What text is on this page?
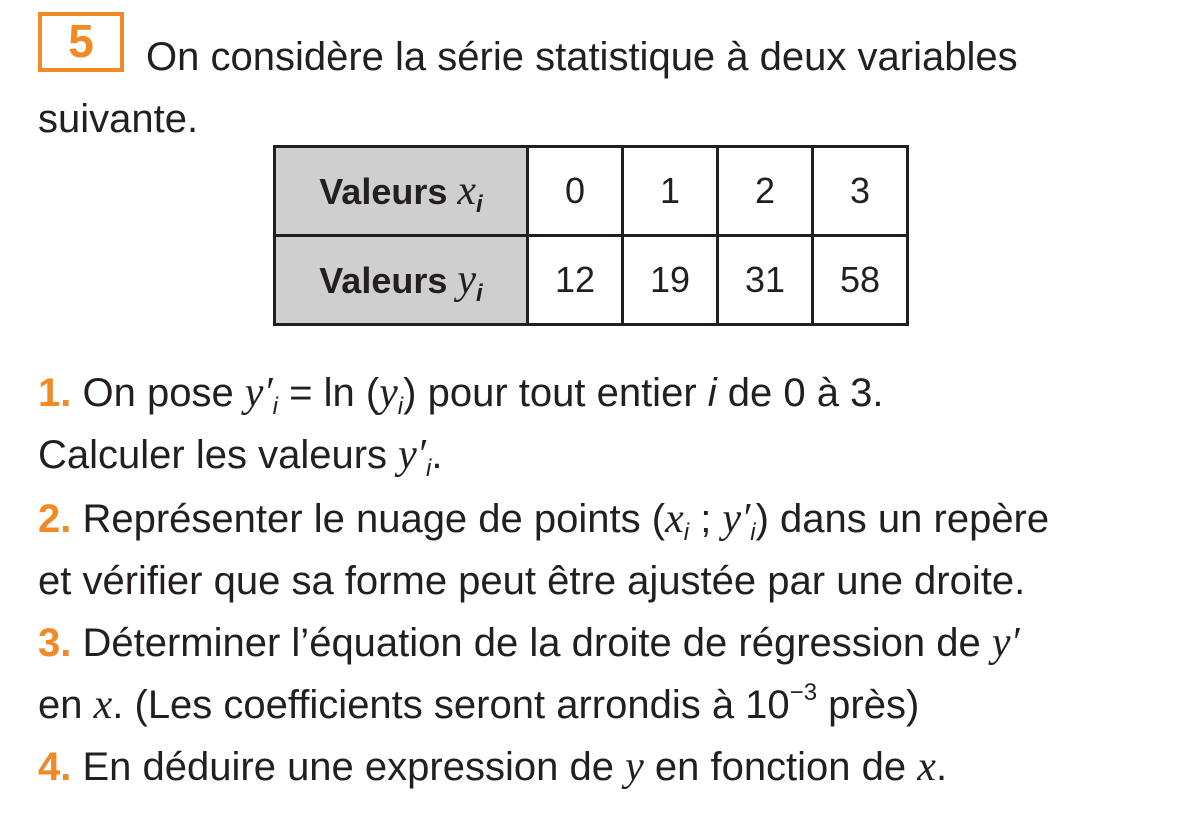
5	On considère la série statistique à deux variables
suivante.
Valeurs $x_i$	0	1	2	3
Valeurs $y_i$	12	19	31	58
1. On pose $y'_i = \ln (y_i)$ pour tout entier i de 0 à 3.
Calculer les valeurs $y'_i$.
2. Représenter le nuage de points ($x_i$ ; $y'_i$) dans un repère
et vérifier que sa forme peut être ajustée par une droite.
3. Déterminer l’équation de la droite de régression de y′
en x. (Les coefficients seront arrondis à $10^{-3}$ près)
4. En déduire une expression de y en fonction de x.
